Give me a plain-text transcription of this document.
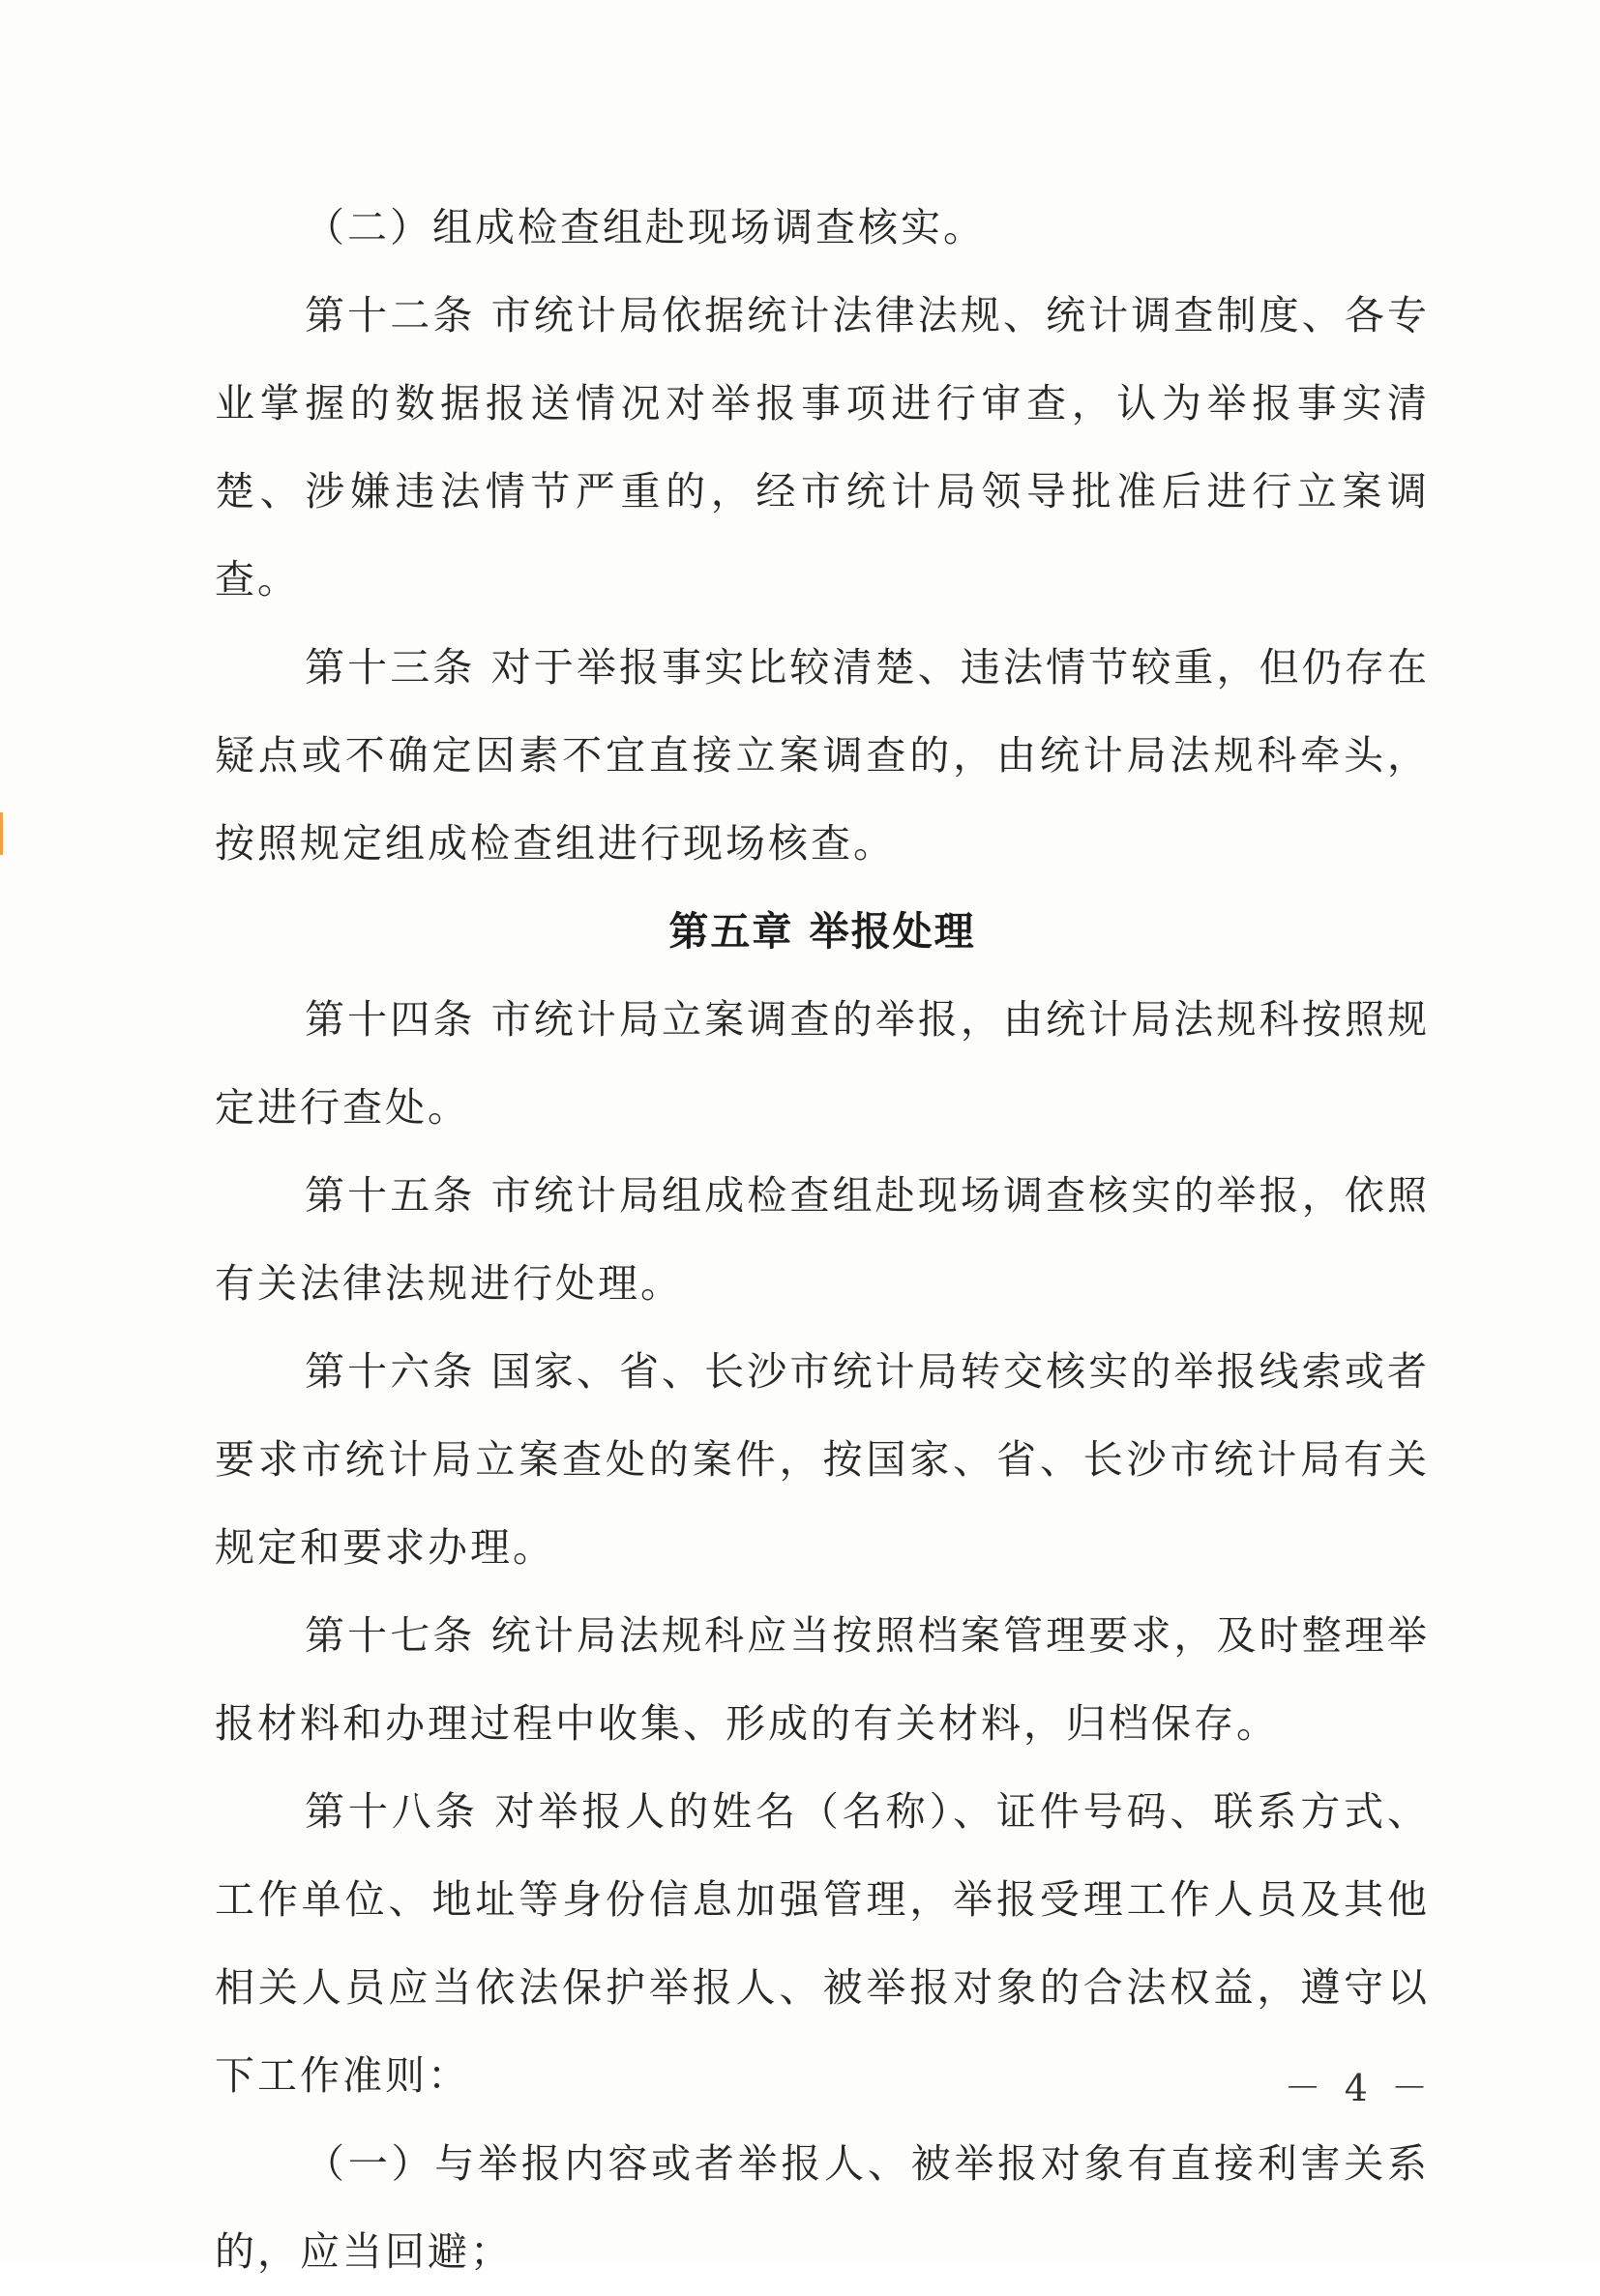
（二）组成检查组赴现场调查核实。

第十二条 市统计局依据统计法律法规、统计调查制度、各专业掌握的数据报送情况对举报事项进行审查，认为举报事实清楚、涉嫌违法情节严重的，经市统计局领导批准后进行立案调查。

第十三条 对于举报事实比较清楚、违法情节较重，但仍存在疑点或不确定因素不宜直接立案调查的，由统计局法规科牵头，按照规定组成检查组进行现场核查。

第五章 举报处理

第十四条 市统计局立案调查的举报，由统计局法规科按照规定进行查处。

第十五条 市统计局组成检查组赴现场调查核实的举报，依照有关法律法规进行处理。

第十六条 国家、省、长沙市统计局转交核实的举报线索或者要求市统计局立案查处的案件，按国家、省、长沙市统计局有关规定和要求办理。

第十七条 统计局法规科应当按照档案管理要求，及时整理举报材料和办理过程中收集、形成的有关材料，归档保存。

第十八条 对举报人的姓名（名称）、证件号码、联系方式、工作单位、地址等身份信息加强管理，举报受理工作人员及其他相关人员应当依法保护举报人、被举报对象的合法权益，遵守以下工作准则：

（一）与举报内容或者举报人、被举报对象有直接利害关系的，应当回避；

－ 4 －
